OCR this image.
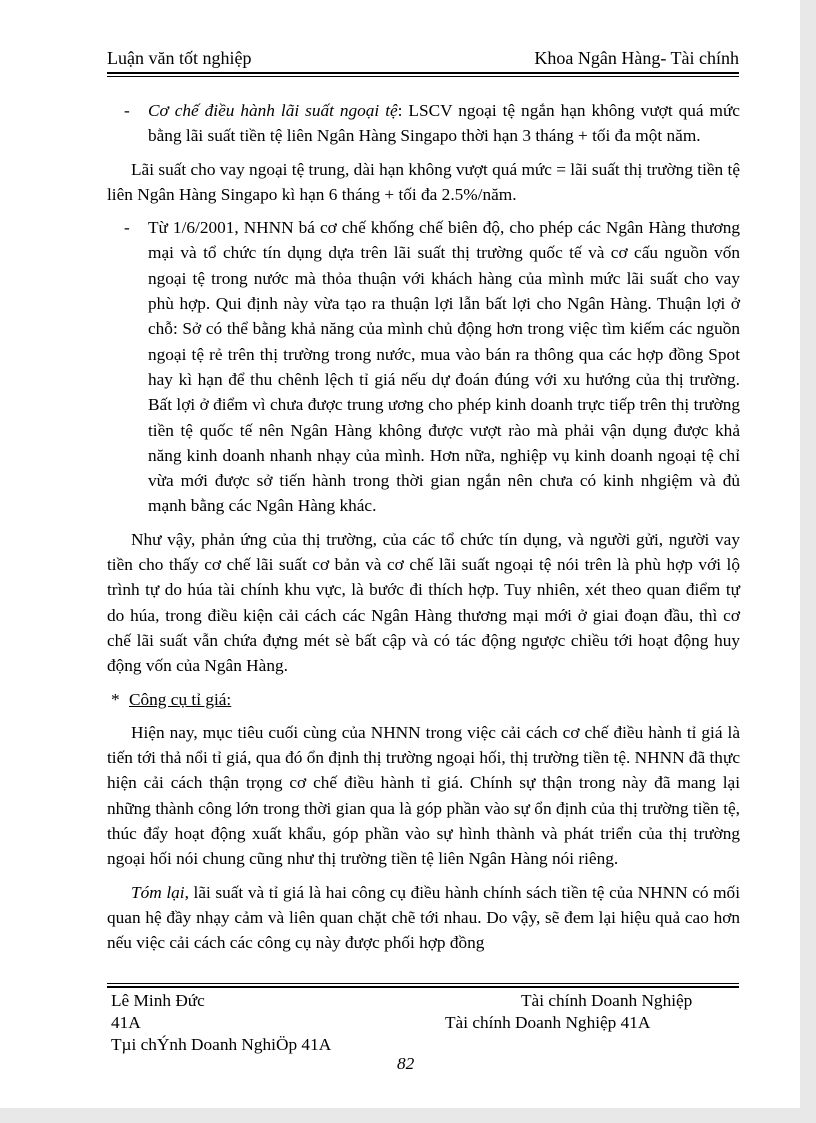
Luận văn tốt nghiệp	Khoa Ngân Hàng- Tài chính

- Cơ chế điều hành lãi suất ngoại tệ: LSCV ngoại tệ ngắn hạn không vượt quá mức bằng lãi suất tiền tệ liên Ngân Hàng Singapo thời hạn 3 tháng + tối đa một năm.

Lãi suất cho vay ngoại tệ trung, dài hạn không vượt quá mức = lãi suất thị trường tiền tệ liên Ngân Hàng Singapo kì hạn 6 tháng + tối đa 2.5%/năm.

- Từ 1/6/2001, NHNN bá cơ chế khống chế biên độ, cho phép các Ngân Hàng thương mại và tổ chức tín dụng dựa trên lãi suất thị trường quốc tế và cơ cấu nguồn vốn ngoại tệ trong nước mà thỏa thuận với khách hàng của mình mức lãi suất cho vay phù hợp. Qui định này vừa tạo ra thuận lợi lẫn bất lợi cho Ngân Hàng. Thuận lợi ở chỗ: Sở có thể bằng khả năng của mình chủ động hơn trong việc tìm kiếm các nguồn ngoại tệ rẻ trên thị trường trong nước, mua vào bán ra thông qua các hợp đồng Spot hay kì hạn để thu chênh lệch tỉ giá nếu dự đoán đúng với xu hướng của thị trường. Bất lợi ở điểm vì chưa được trung ương cho phép kinh doanh trực tiếp trên thị trường tiền tệ quốc tế nên Ngân Hàng không được vượt rào mà phải vận dụng được khả năng kinh doanh nhanh nhạy của mình. Hơn nữa, nghiệp vụ kinh doanh ngoại tệ chỉ vừa mới được sở tiến hành trong thời gian ngắn nên chưa có kinh nhgiệm và đủ mạnh bằng các Ngân Hàng khác.

Như vậy, phản ứng của thị trường, của các tổ chức tín dụng, và người gửi, người vay tiền cho thấy cơ chế lãi suất cơ bản và cơ chế lãi suất ngoại tệ nói trên là phù hợp với lộ trình tự do húa tài chính khu vực, là bước đi thích hợp. Tuy nhiên, xét theo quan điểm tự do húa, trong điều kiện cải cách các Ngân Hàng thương mại mới ở giai đoạn đầu, thì cơ chế lãi suất vẫn chứa đựng mét sè bất cập và có tác động ngược chiều tới hoạt động huy động vốn của Ngân Hàng.

* Công cụ tỉ giá:

Hiện nay, mục tiêu cuối cùng của NHNN trong việc cải cách cơ chế điều hành tỉ giá là tiến tới thả nổi tỉ giá, qua đó ổn định thị trường ngoại hối, thị trường tiền tệ. NHNN đã thực hiện cải cách thận trọng cơ chế điều hành tỉ giá. Chính sự thận trong này đã mang lại những thành công lớn trong thời gian qua là góp phần vào sự ổn định của thị trường tiền tệ, thúc đẩy hoạt động xuất khẩu, góp phần vào sự hình thành và phát triển của thị trường ngoại hối nói chung cũng như thị trường tiền tệ liên Ngân Hàng nói riêng.

Tóm lại, lãi suất và tỉ giá là hai công cụ điều hành chính sách tiền tệ của NHNN có mối quan hệ đầy nhạy cảm và liên quan chặt chẽ tới nhau. Do vậy, sẽ đem lại hiệu quả cao hơn nếu việc cải cách các công cụ này được phối hợp đồng

Lê Minh Đức	Tài chính Doanh Nghiệp
41A	Tài chính Doanh Nghiệp 41A
Tµi chÝnh Doanh NghiÖp 41A
82
